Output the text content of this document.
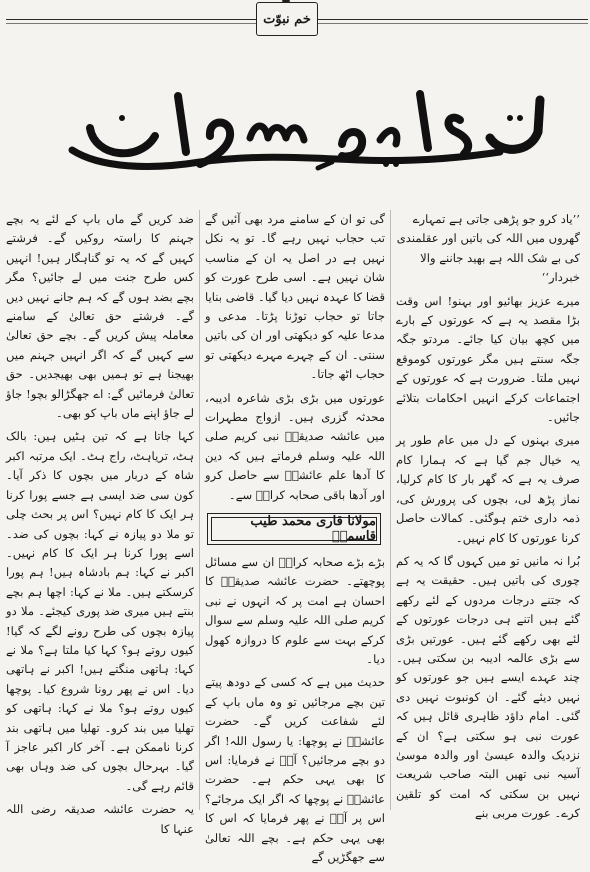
خم نبوّت

’’یاد کرو جو پڑھی جاتی ہے تمہارے گھروں میں اللہ کی باتیں اور عقلمندی کی بے شک اللہ ہے بھید جاننے والا خبردار‘‘

میرے عزیز بھائیو اور بہنو! اس وقت بڑا مقصد یہ ہے کہ عورتوں کے بارے میں کچھ بیان کیا جائے۔ مردتو جگہ جگہ سنتے ہیں مگر عورتوں کوموقع نہیں ملتا۔ ضرورت ہے کہ عورتوں کے اجتماعات کرکے انہیں احکامات بتلائے جائیں۔

میری بہنوں کے دل میں عام طور پر یہ خیال جم گیا ہے کہ ہمارا کام صرف یہ ہے کہ گھر بار کا کام کرلیا، نماز پڑھ لی، بچوں کی پرورش کی، ذمہ داری ختم ہوگئی۔ کمالات حاصل کرنا عورتوں کا کام نہیں۔

بُرا نہ مانیں تو میں کہوں گا کہ یہ کم چوری کی باتیں ہیں۔ حقیقت یہ ہے کہ جتنے درجات مردوں کے لئے رکھے گئے ہیں اتنے ہی درجات عورتوں کے لئے بھی رکھے گئے ہیں۔ عورتیں بڑی سے بڑی عالمہ ادیبہ بن سکتی ہیں۔ چند عہدے ایسے ہیں جو عورتوں کو نہیں دیئے گئے۔ ان کونبوت نہیں دی گئی۔ امام داؤد ظاہری قائل ہیں کہ عورت نبی ہو سکتی ہے؟ ان کے نزدیک والدہ عیسیٰ اور والدہ موسیٰ آسیہ نبی تھیں البتہ صاحب شریعت نہیں بن سکتی کہ امت کو تلقین کرے۔ عورت مربی بنے

گی تو ان کے سامنے مرد بھی آئیں گے تب حجاب نہیں رہے گا۔ تو یہ نکل نہیں ہے در اصل یہ ان کے مناسب شان نہیں ہے۔ اسی طرح عورت کو قضا کا عہدہ نہیں دیا گیا۔ قاضی بنایا جاتا تو حجاب توڑنا پڑتا۔ مدعی و مدعا علیہ کو دیکھتی اور ان کی باتیں سنتی۔ ان کے چہرے مہرے دیکھتی تو حجاب اٹھ جاتا۔

عورتوں میں بڑی بڑی شاعرہ ادیبہ، محدثہ گزری ہیں۔ ازواج مطہرات میں عائشہ صدیقہؓ نبی کریم صلی اللہ علیہ وسلم فرماتے ہیں کہ دین کا آدھا علم عائشہؓ سے حاصل کرو اور آدھا باقی صحابہ کرامؓ سے۔

مولانا قاری محمد طیب قاسمیؒ

بڑے بڑے صحابہ کرامؓ ان سے مسائل پوچھتے۔ حضرت عائشہ صدیقہؓ کا احسان ہے امت پر کہ انہوں نے نبی کریم صلی اللہ علیہ وسلم سے سوال کرکے بہت سے علوم کا دروازہ کھول دیا۔

حدیث میں ہے کہ کسی کے دودھ پیتے تین بچے مرجائیں تو وہ ماں باپ کے لئے شفاعت کریں گے۔ حضرت عائشہؓ نے پوچھا: یا رسول اللہ! اگر دو بچے مرجائیں؟ آپؐ نے فرمایا: اس کا بھی یہی حکم ہے۔ حضرت عائشہؓ نے پوچھا کہ اگر ایک مرجائے؟ اس پر آپؐ نے پھر فرمایا کہ اس کا بھی یہی حکم ہے۔ بچے اللہ تعالیٰ سے جھگڑیں گے

ضد کریں گے ماں باپ کے لئے یہ بچے جہنم کا راستہ روکیں گے۔ فرشتے کہیں گے کہ یہ تو گناہگار ہیں! انہیں کس طرح جنت میں لے جائیں؟ مگر بچے بضد ہوں گے کہ ہم جانے نہیں دیں گے۔ فرشتے حق تعالیٰ کے سامنے معاملہ پیش کریں گے۔ بچے حق تعالیٰ سے کہیں گے کہ اگر انہیں جہنم میں بھیجنا ہے تو ہمیں بھی بھیجدیں۔ حق تعالیٰ فرمائیں گے: اے جھگڑالو بچو! جاؤ لے جاؤ اپنے ماں باپ کو بھی۔

کہا جاتا ہے کہ تین ہٹیں ہیں: بالک ہٹ، تریاہٹ، راج ہٹ۔ ایک مرتبہ اکبر شاہ کے دربار میں بچوں کا ذکر آیا۔ کون سی ضد ایسی ہے جسے پورا کرنا ہر ایک کا کام نہیں؟ اس پر بحث چلی تو ملا دو پیازہ نے کہا: بچوں کی ضد۔ اسے پورا کرنا ہر ایک کا کام نہیں۔ اکبر نے کہا: ہم بادشاہ ہیں! ہم پورا کرسکتے ہیں۔ ملا نے کہا: اچھا ہم بچے بنتے ہیں میری ضد پوری کیجئے۔ ملا دو پیازہ بچوں کی طرح رونے لگے کہ گیا! کیوں روتے ہو؟ کہا کیا ملتا ہے؟ ملا نے کہا: ہاتھی منگتے ہیں! اکبر نے ہاتھی دیا۔ اس نے پھر رونا شروع کیا۔ پوچھا کیوں روتے ہو؟ ملا نے کہا: ہاتھی کو تھلیا میں بند کرو۔ تھلیا میں ہاتھی بند کرنا ناممکن ہے۔ آخر کار اکبر عاجز آ گیا۔ بہرحال بچوں کی ضد وہاں بھی قائم رہے گی۔

یہ حضرت عائشہ صدیقہ رضی اللہ عنہا کا
